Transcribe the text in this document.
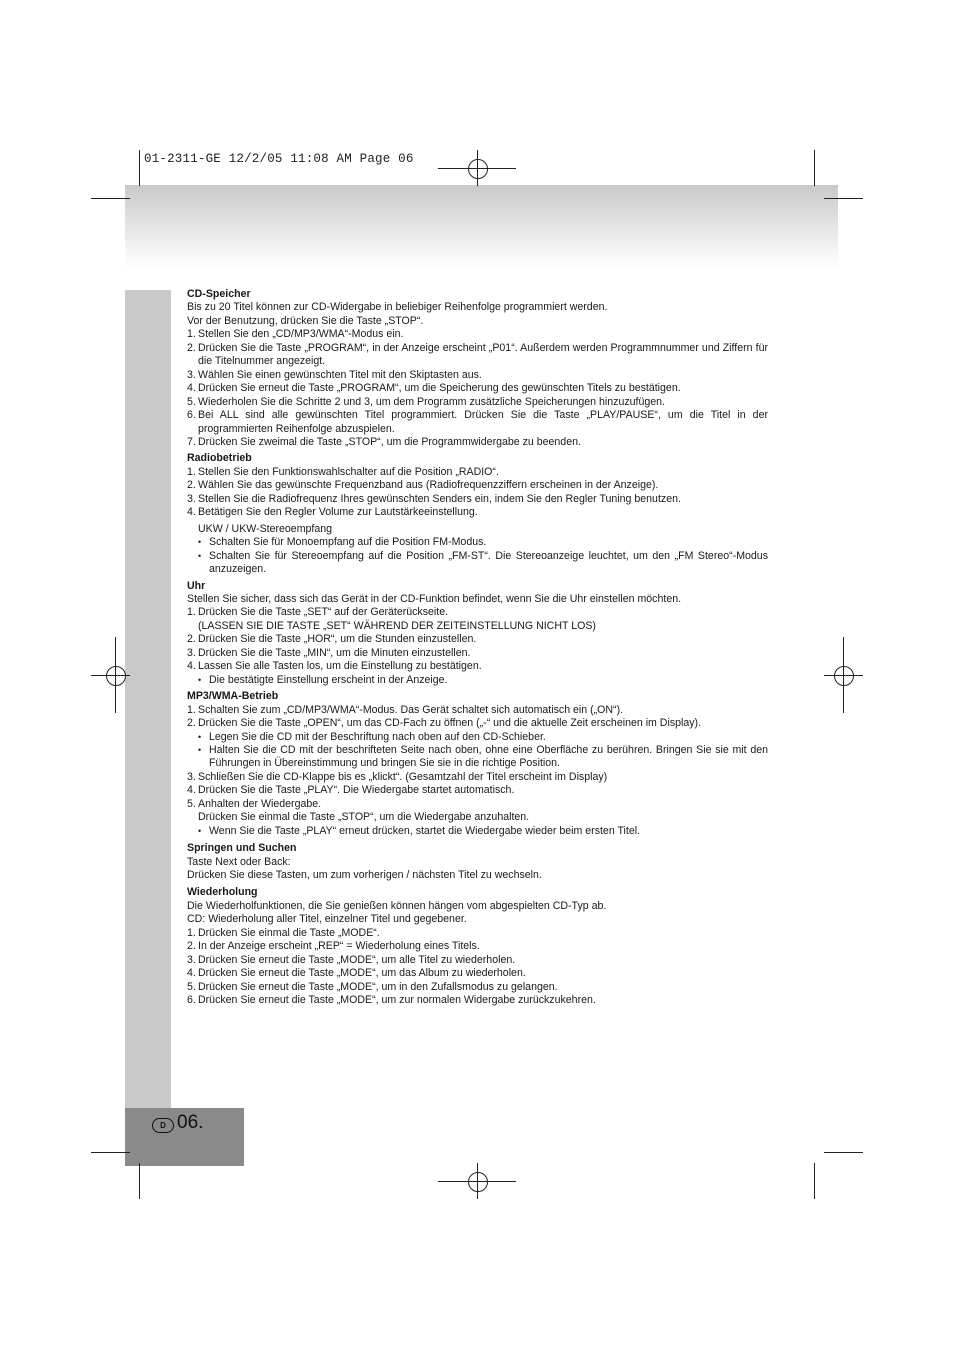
01-2311-GE 12/2/05 11:08 AM Page 06
D 06.
CD-Speicher

Bis zu 20 Titel können zur CD-Widergabe in beliebiger Reihenfolge programmiert werden.

Vor der Benutzung, drücken Sie die Taste „STOP“.

1. Stellen Sie den „CD/MP3/WMA“-Modus ein.
2. Drücken Sie die Taste „PROGRAM“, in der Anzeige erscheint „P01“. Außerdem werden Programmnummer und Ziffern für die Titelnummer angezeigt.
3. Wählen Sie einen gewünschten Titel mit den Skiptasten aus.
4. Drücken Sie erneut die Taste „PROGRAM“, um die Speicherung des gewünschten Titels zu bestätigen.
5. Wiederholen Sie die Schritte 2 und 3, um dem Programm zusätzliche Speicherungen hinzuzufügen.
6. Bei ALL sind alle gewünschten Titel programmiert. Drücken Sie die Taste „PLAY/PAUSE“, um die Titel in der programmierten Reihenfolge abzuspielen.
7. Drücken Sie zweimal die Taste „STOP“, um die Programmwidergabe zu beenden.
Radiobetrieb
1. Stellen Sie den Funktionswahlschalter auf die Position „RADIO“.
2. Wählen Sie das gewünschte Frequenzband aus (Radiofrequenzziffern erscheinen in der Anzeige).
3. Stellen Sie die Radiofrequenz Ihres gewünschten Senders ein, indem Sie den Regler Tuning benutzen.
4. Betätigen Sie den Regler Volume zur Lautstärkeeinstellung.

UKW / UKW-Stereoempfang

• Schalten Sie für Monoempfang auf die Position FM-Modus.
• Schalten Sie für Stereoempfang auf die Position „FM-ST“. Die Stereoanzeige leuchtet, um den „FM Stereo“-Modus anzuzeigen.
Uhr

Stellen Sie sicher, dass sich das Gerät in der CD-Funktion befindet, wenn Sie die Uhr einstellen möchten.

1. Drücken Sie die Taste „SET“ auf der Geräterückseite.

(LASSEN SIE DIE TASTE „SET“ WÄHREND DER ZEITEINSTELLUNG NICHT LOS)

2. Drücken Sie die Taste „HOR“, um die Stunden einzustellen.
3. Drücken Sie die Taste „MIN“, um die Minuten einzustellen.
4. Lassen Sie alle Tasten los, um die Einstellung zu bestätigen.
• Die bestätigte Einstellung erscheint in der Anzeige.
MP3/WMA-Betrieb
1. Schalten Sie zum „CD/MP3/WMA“-Modus. Das Gerät schaltet sich automatisch ein („ON“).
2. Drücken Sie die Taste „OPEN“, um das CD-Fach zu öffnen („-“ und die aktuelle Zeit erscheinen im Display).
• Legen Sie die CD mit der Beschriftung nach oben auf den CD-Schieber.
• Halten Sie die CD mit der beschrifteten Seite nach oben, ohne eine Oberfläche zu berühren. Bringen Sie sie mit den Führungen in Übereinstimmung und bringen Sie sie in die richtige Position.
3. Schließen Sie die CD-Klappe bis es „klickt“. (Gesamtzahl der Titel erscheint im Display)
4. Drücken Sie die Taste „PLAY“. Die Wiedergabe startet automatisch.
5. Anhalten der Wiedergabe.

Drücken Sie einmal die Taste „STOP“, um die Wiedergabe anzuhalten.

• Wenn Sie die Taste „PLAY“ erneut drücken, startet die Wiedergabe wieder beim ersten Titel.
Springen und Suchen

Taste Next oder Back:

Drücken Sie diese Tasten, um zum vorherigen / nächsten Titel zu wechseln.

Wiederholung

Die Wiederholfunktionen, die Sie genießen können hängen vom abgespielten CD-Typ ab.

CD: Wiederholung aller Titel, einzelner Titel und gegebener.

1. Drücken Sie einmal die Taste „MODE“.
2. In der Anzeige erscheint „REP“ = Wiederholung eines Titels.
3. Drücken Sie erneut die Taste „MODE“, um alle Titel zu wiederholen.
4. Drücken Sie erneut die Taste „MODE“, um das Album zu wiederholen.
5. Drücken Sie erneut die Taste „MODE“, um in den Zufallsmodus zu gelangen.
6. Drücken Sie erneut die Taste „MODE“, um zur normalen Widergabe zurückzukehren.
